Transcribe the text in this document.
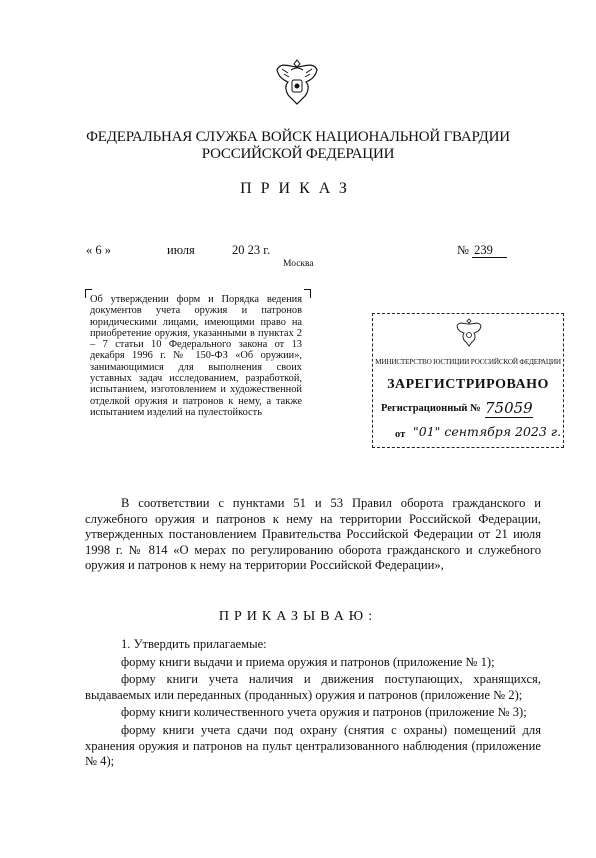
ФЕДЕРАЛЬНАЯ СЛУЖБА ВОЙСК НАЦИОНАЛЬНОЙ ГВАРДИИ
РОССИЙСКОЙ ФЕДЕРАЦИИ
ПРИКАЗ
« 6 »	июля	20 23 г.	№ 239
Москва
Об утверждении форм и Порядка ведения документов учета оружия и патронов юридическими лицами, имеющими право на приобретение оружия, указанными в пунктах 2 – 7 статьи 10 Федерального закона от 13 декабря 1996 г. № 150-ФЗ «Об оружии», занимающимися для выполнения своих уставных задач исследованием, разработкой, испытанием, изготовлением и художественной отделкой оружия и патронов к нему, а также испытанием изделий на пулестойкость
МИНИСТЕРСТВО ЮСТИЦИИ РОССИЙСКОЙ ФЕДЕРАЦИИ
ЗАРЕГИСТРИРОВАНО
Регистрационный № 75059
от "01" сентября 2023 г.
В соответствии с пунктами 51 и 53 Правил оборота гражданского и служебного оружия и патронов к нему на территории Российской Федерации, утвержденных постановлением Правительства Российской Федерации от 21 июля 1998 г. № 814 «О мерах по регулированию оборота гражданского и служебного оружия и патронов к нему на территории Российской Федерации»,
ПРИКАЗЫВАЮ:

1. Утвердить прилагаемые:

форму книги выдачи и приема оружия и патронов (приложение № 1);

форму книги учета наличия и движения поступающих, хранящихся, выдаваемых или переданных (проданных) оружия и патронов (приложение № 2);

форму книги количественного учета оружия и патронов (приложение № 3);

форму книги учета сдачи под охрану (снятия с охраны) помещений для хранения оружия и патронов на пульт централизованного наблюдения (приложение № 4);
